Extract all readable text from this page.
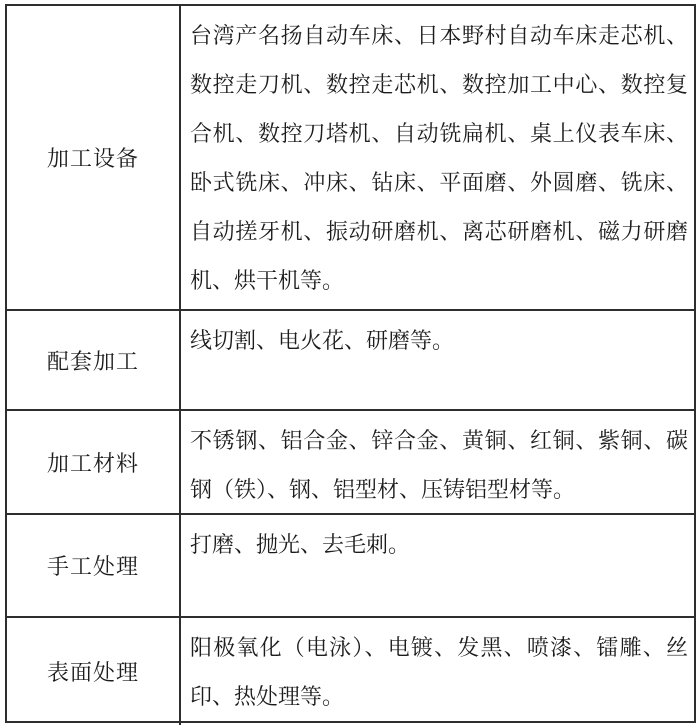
加工设备
台湾产名扬自动车床、日本野村自动车床走芯机、数控走刀机、数控走芯机、数控加工中心、数控复合机、数控刀塔机、自动铣扁机、桌上仪表车床、卧式铣床、冲床、钻床、平面磨、外圆磨、铣床、自动搓牙机、振动研磨机、离芯研磨机、磁力研磨机、烘干机等。
配套加工
线切割、电火花、研磨等。
加工材料
不锈钢、铝合金、锌合金、黄铜、红铜、紫铜、碳钢（铁）、钢、铝型材、压铸铝型材等。
手工处理
打磨、抛光、去毛刺。
表面处理
阳极氧化（电泳）、电镀、发黑、喷漆、镭雕、丝印、热处理等。
